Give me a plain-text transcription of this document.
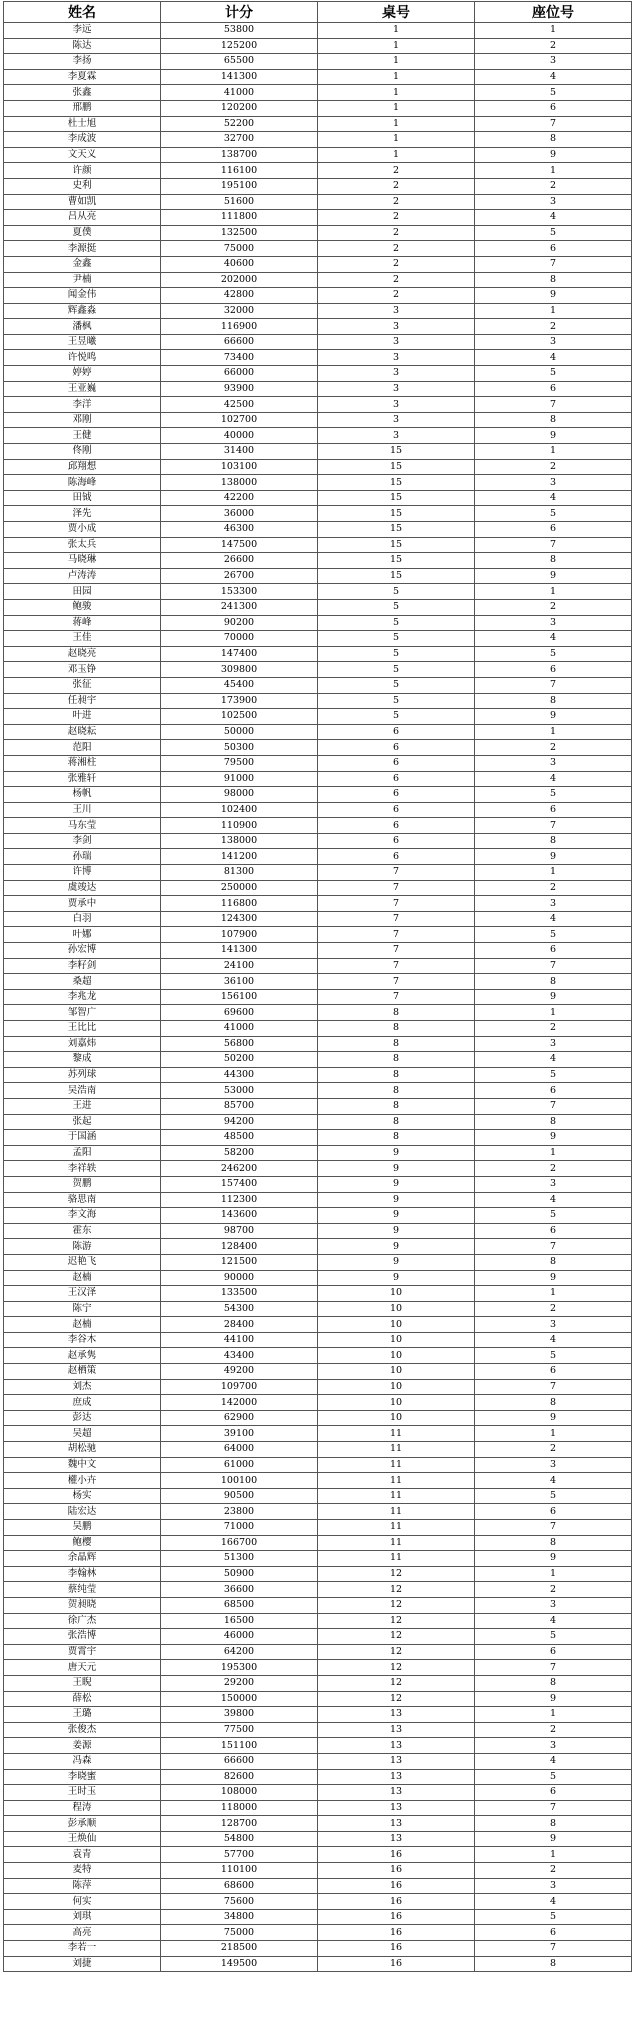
姓名	计分	桌号	座位号
李远	53800	1	1
陈达	125200	1	2
李扬	65500	1	3
李夏霖	141300	1	4
张鑫	41000	1	5
邢鹏	120200	1	6
杜士旭	52200	1	7
李成波	32700	1	8
文天义	138700	1	9
许颜	116100	2	1
史利	195100	2	2
曹如凯	51600	2	3
吕从亮	111800	2	4
夏僕	132500	2	5
李源挺	75000	2	6
金鑫	40600	2	7
尹楠	202000	2	8
闻金伟	42800	2	9
辉鑫淼	32000	3	1
潘枫	116900	3	2
王昱曦	66600	3	3
许悦鸣	73400	3	4
婷婷	66000	3	5
王亚巍	93900	3	6
李洋	42500	3	7
邓刚	102700	3	8
王健	40000	3	9
佟刚	31400	15	1
邱翔想	103100	15	2
陈海峰	138000	15	3
田钺	42200	15	4
泽先	36000	15	5
贾小成	46300	15	6
张太兵	147500	15	7
马晓琳	26600	15	8
卢涛涛	26700	15	9
田园	153300	5	1
鲍骏	241300	5	2
蒋峰	90200	5	3
王佳	70000	5	4
赵晓亮	147400	5	5
邓玉铮	309800	5	6
张征	45400	5	7
任昶宇	173900	5	8
叶进	102500	5	9
赵晓耘	50000	6	1
范阳	50300	6	2
蒋湘柱	79500	6	3
张雅轩	91000	6	4
杨帆	98000	6	5
王川	102400	6	6
马东莹	110900	6	7
李剑	138000	6	8
孙瑞	141200	6	9
许博	81300	7	1
虞竣达	250000	7	2
贾承中	116800	7	3
白羽	124300	7	4
叶娜	107900	7	5
孙宏博	141300	7	6
李籽剑	24100	7	7
桑超	36100	7	8
李兆龙	156100	7	9
邹智广	69600	8	1
王比比	41000	8	2
刘嘉炜	56800	8	3
黎成	50200	8	4
苏列球	44300	8	5
吴浩南	53000	8	6
王进	85700	8	7
张起	94200	8	8
于国涵	48500	8	9
孟阳	58200	9	1
李祥轶	246200	9	2
贺鹏	157400	9	3
骆思南	112300	9	4
李文海	143600	9	5
霍东	98700	9	6
陈游	128400	9	7
迟艳飞	121500	9	8
赵楠	90000	9	9
王汉泽	133500	10	1
陈宁	54300	10	2
赵楠	28400	10	3
李谷木	44100	10	4
赵承隽	43400	10	5
赵栖策	49200	10	6
刘杰	109700	10	7
庶成	142000	10	8
彭达	62900	10	9
吴超	39100	11	1
胡松驰	64000	11	2
魏中文	61000	11	3
權小卉	100100	11	4
杨实	90500	11	5
陆宏达	23800	11	6
吴鹏	71000	11	7
鲍樱	166700	11	8
余晶辉	51300	11	9
李翰林	50900	12	1
蔡纯莹	36600	12	2
贺昶晓	68500	12	3
徐广杰	16500	12	4
张浩博	46000	12	5
贾霄宇	64200	12	6
唐天元	195300	12	7
王睨	29200	12	8
薛松	150000	12	9
王璐	39800	13	1
张俊杰	77500	13	2
姜源	151100	13	3
冯森	66600	13	4
李晓蜜	82600	13	5
王时玉	108000	13	6
程涛	118000	13	7
彭承顺	128700	13	8
王焕仙	54800	13	9
袁青	57700	16	1
麦特	110100	16	2
陈萍	68600	16	3
何实	75600	16	4
刘琪	34800	16	5
高亮	75000	16	6
李若一	218500	16	7
刘捷	149500	16	8
